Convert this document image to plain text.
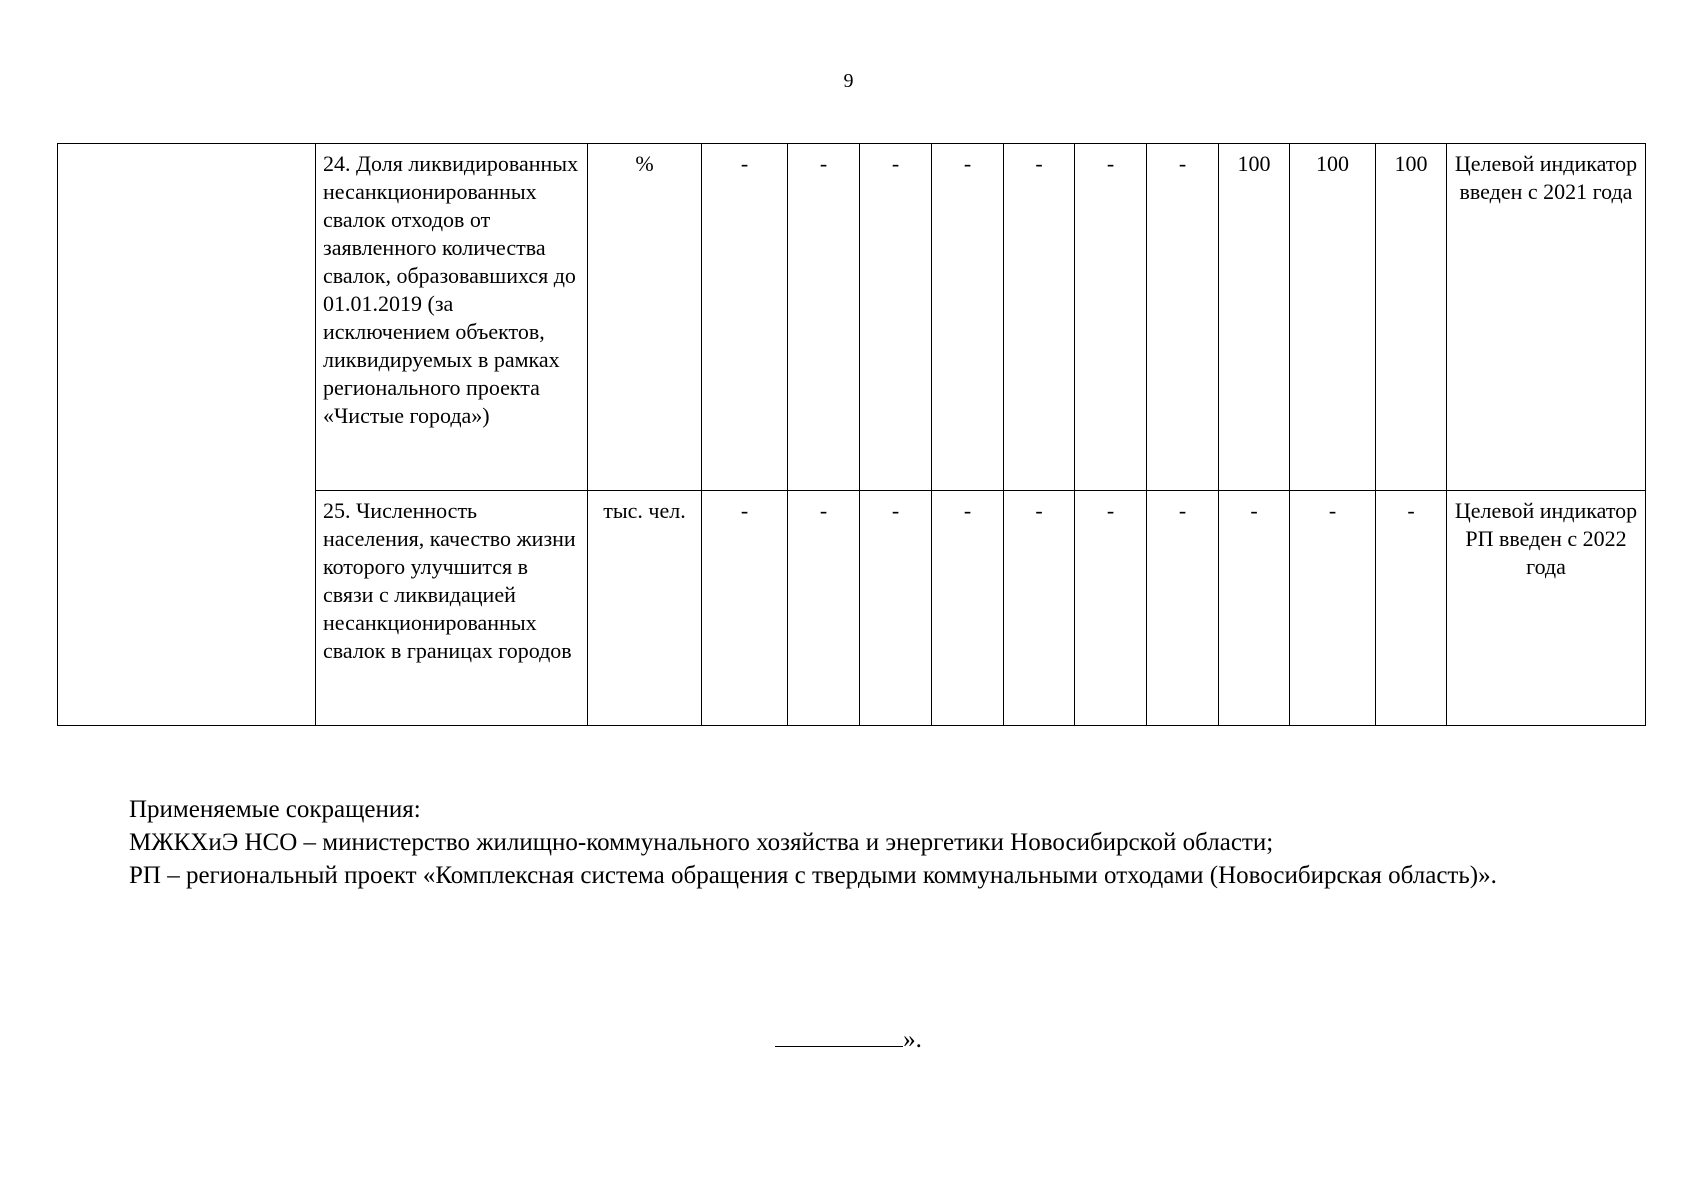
9
	24. Доля ликвидированных несанкционированных свалок отходов от заявленного количества свалок, образовавшихся до 01.01.2019 (за исключением объектов, ликвидируемых в рамках регионального проекта «Чистые города»)	%	-	-	-	-	-	-	-	100	100	100	Целевой индикатор введен с 2021 года
	25. Численность населения, качество жизни которого улучшится в связи с ликвидацией несанкционированных свалок в границах городов	тыс. чел.	-	-	-	-	-	-	-	-	-	-	Целевой индикатор РП введен с 2022 года

Применяемые сокращения:

МЖКХиЭ НСО – министерство жилищно-коммунального хозяйства и энергетики Новосибирской области;

РП – региональный проект «Комплексная система обращения с твердыми коммунальными отходами (Новосибирская область)».

».
